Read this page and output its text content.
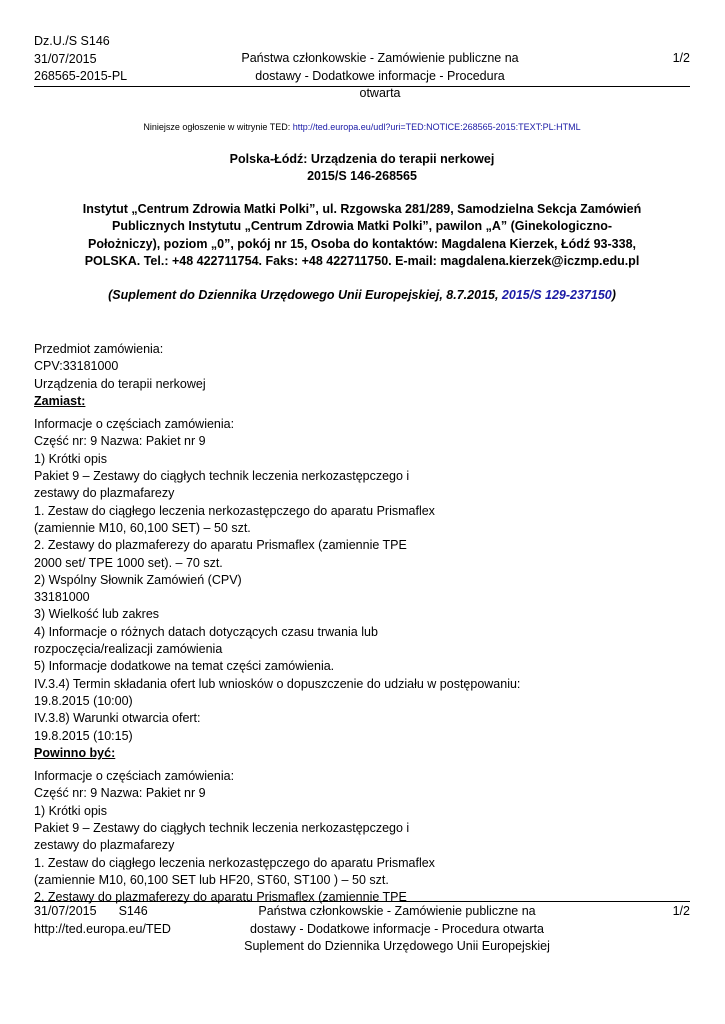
Dz.U./S S146
31/07/2015
268565-2015-PL
Państwa członkowskie - Zamówienie publiczne na
dostawy - Dodatkowe informacje - Procedura otwarta
1/2
Niniejsze ogłoszenie w witrynie TED: http://ted.europa.eu/udl?uri=TED:NOTICE:268565-2015:TEXT:PL:HTML
Polska-Łódź: Urządzenia do terapii nerkowej
2015/S 146-268565
Instytut „Centrum Zdrowia Matki Polki”, ul. Rzgowska 281/289, Samodzielna Sekcja Zamówień
Publicznych Instytutu „Centrum Zdrowia Matki Polki”, pawilon „A” (Ginekologiczno-
Położniczy), poziom „0”, pokój nr 15, Osoba do kontaktów: Magdalena Kierzek, Łódź 93-338,
POLSKA. Tel.: +48 422711754. Faks: +48 422711750. E-mail: magdalena.kierzek@iczmp.edu.pl
(Suplement do Dziennika Urzędowego Unii Europejskiej, 8.7.2015, 2015/S 129-237150)
Przedmiot zamówienia:
CPV:33181000
Urządzenia do terapii nerkowej
Zamiast:
Informacje o częściach zamówienia:
Część nr: 9 Nazwa: Pakiet nr 9
1) Krótki opis
Pakiet 9 – Zestawy do ciągłych technik leczenia nerkozastępczego i
zestawy do plazmafarezy
1. Zestaw do ciągłego leczenia nerkozastępczego do aparatu Prismaflex
(zamiennie M10, 60,100 SET) – 50 szt.
2. Zestawy do plazmaferezy do aparatu Prismaflex (zamiennie TPE
2000 set/ TPE 1000 set). – 70 szt.
2) Wspólny Słownik Zamówień (CPV)
33181000
3) Wielkość lub zakres
4) Informacje o różnych datach dotyczących czasu trwania lub
rozpoczęcia/realizacji zamówienia
5) Informacje dodatkowe na temat części zamówienia.
IV.3.4) Termin składania ofert lub wniosków o dopuszczenie do udziału w postępowaniu:
19.8.2015 (10:00)
IV.3.8) Warunki otwarcia ofert:
19.8.2015 (10:15)
Powinno być:
Informacje o częściach zamówienia:
Część nr: 9 Nazwa: Pakiet nr 9
1) Krótki opis
Pakiet 9 – Zestawy do ciągłych technik leczenia nerkozastępczego i
zestawy do plazmafarezy
1. Zestaw do ciągłego leczenia nerkozastępczego do aparatu Prismaflex
(zamiennie M10, 60,100 SET lub HF20, ST60, ST100 ) – 50 szt.
2. Zestawy do plazmaferezy do aparatu Prismaflex (zamiennie TPE
31/07/2015 S146
http://ted.europa.eu/TED
Państwa członkowskie - Zamówienie publiczne na
dostawy - Dodatkowe informacje - Procedura otwarta
Suplement do Dziennika Urzędowego Unii Europejskiej
1/2
